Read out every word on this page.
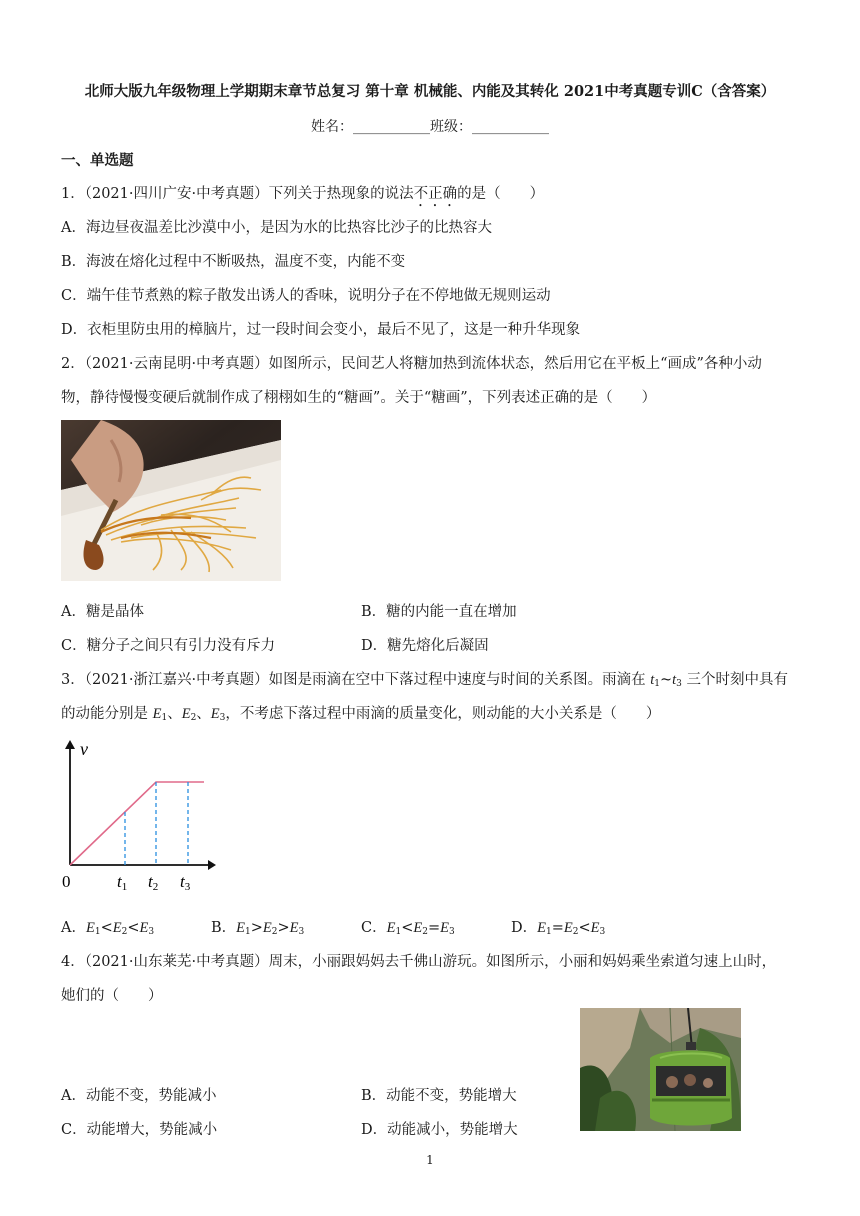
北师大版九年级物理上学期期末章节总复习 第十章 机械能、内能及其转化 2021中考真题专训C（含答案）
姓名：___________班级：___________
一、单选题
1．（2021·四川广安·中考真题）下列关于热现象的说法不正确的是（　　）
A．海边昼夜温差比沙漠中小，是因为水的比热容比沙子的比热容大
B．海波在熔化过程中不断吸热，温度不变，内能不变
C．端午佳节煮熟的粽子散发出诱人的香味，说明分子在不停地做无规则运动
D．衣柜里防虫用的樟脑片，过一段时间会变小，最后不见了，这是一种升华现象
2．（2021·云南昆明·中考真题）如图所示，民间艺人将糖加热到流体状态，然后用它在平板上“画成”各种小动
物，静待慢慢变硬后就制作成了栩栩如生的“糖画”。关于“糖画”，下列表述正确的是（　　）
A．糖是晶体	B．糖的内能一直在增加
C．糖分子之间只有引力没有斥力	D．糖先熔化后凝固
3．（2021·浙江嘉兴·中考真题）如图是雨滴在空中下落过程中速度与时间的关系图。雨滴在 $t_1\sim t_3$ 三个时刻中具有
的动能分别是 $E_1$、$E_2$、$E_3$，不考虑下落过程中雨滴的质量变化，则动能的大小关系是（　　）
v
0	t1 t2 t3
A．$E_1<E_2<E_3$	B．$E_1>E_2>E_3$	C．$E_1<E_2=E_3$	D．$E_1=E_2<E_3$
4．（2021·山东莱芜·中考真题）周末，小丽跟妈妈去千佛山游玩。如图所示，小丽和妈妈乘坐索道匀速上山时，
她们的（　　）
A．动能不变，势能减小	B．动能不变，势能增大
C．动能增大，势能减小	D．动能减小，势能增大
1
